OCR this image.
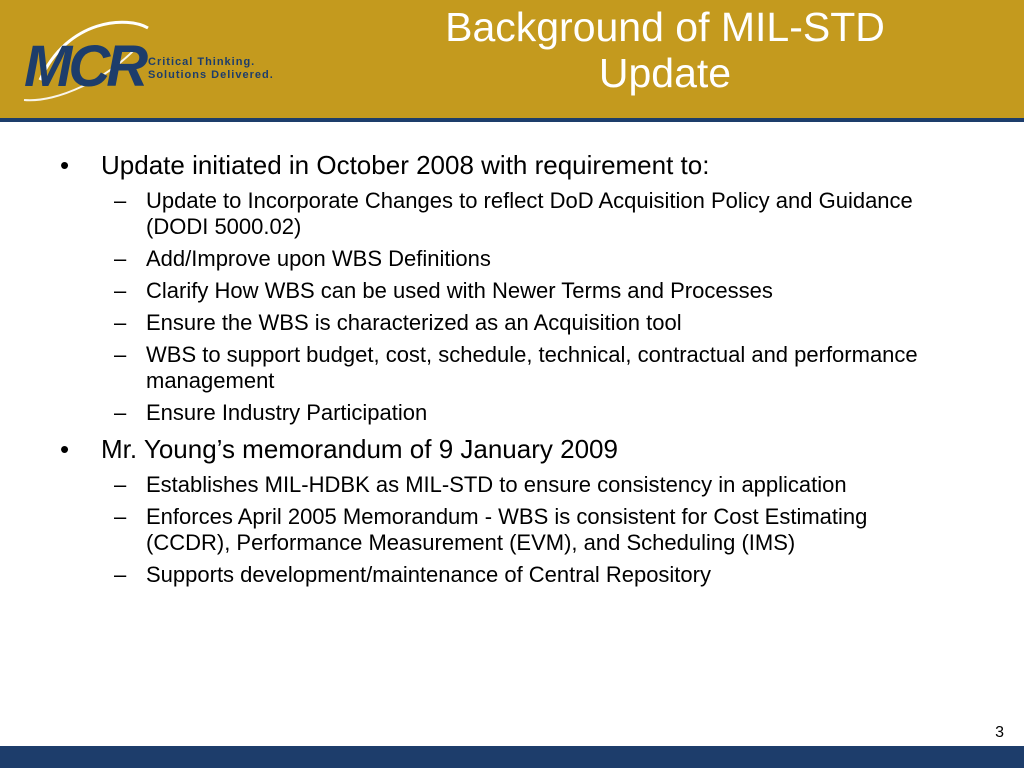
MCR Critical Thinking.
Solutions Delivered.
Background of MIL-STD
Update
• Update initiated in October 2008 with requirement to:
– Update to Incorporate Changes to reflect DoD Acquisition Policy and Guidance (DODI 5000.02)
– Add/Improve upon WBS Definitions
– Clarify How WBS can be used with Newer Terms and Processes
– Ensure the WBS is characterized as an Acquisition tool
– WBS to support budget, cost, schedule, technical, contractual and performance management
– Ensure Industry Participation
• Mr. Young’s memorandum of 9 January 2009
– Establishes MIL-HDBK as MIL-STD to ensure consistency in application
– Enforces April 2005 Memorandum - WBS is consistent for Cost Estimating (CCDR), Performance Measurement (EVM), and Scheduling (IMS)
– Supports development/maintenance of Central Repository
3
